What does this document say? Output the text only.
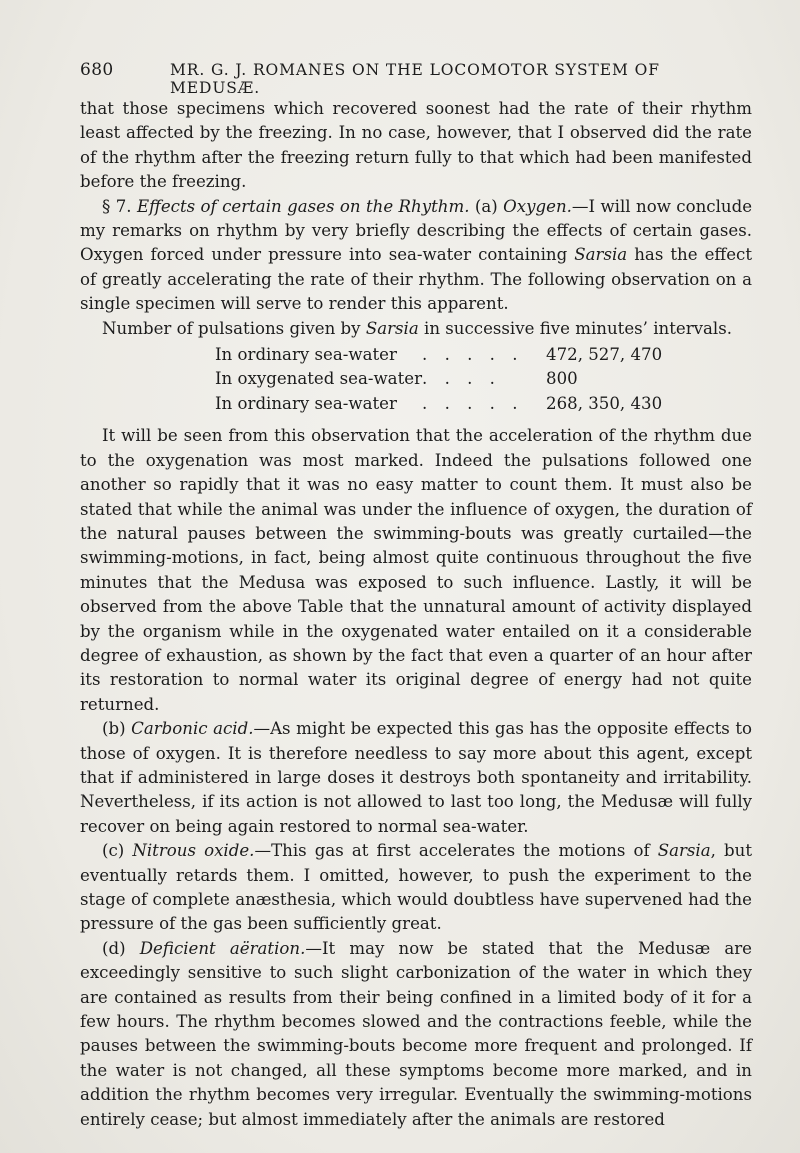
680	MR. G. J. ROMANES ON THE LOCOMOTOR SYSTEM OF MEDUSÆ.

that those specimens which recovered soonest had the rate of their rhythm least affected by the freezing. In no case, however, that I observed did the rate of the rhythm after the freezing return fully to that which had been manifested before the freezing.

§ 7. Effects of certain gases on the Rhythm. (a) Oxygen.—I will now conclude my remarks on rhythm by very briefly describing the effects of certain gases. Oxygen forced under pressure into sea-water containing Sarsia has the effect of greatly accelerating the rate of their rhythm. The following observation on a single specimen will serve to render this apparent.

Number of pulsations given by Sarsia in successive five minutes’ intervals.

In ordinary sea-water	. . . . .	472, 527, 470
In oxygenated sea-water	. . . .	800
In ordinary sea-water	. . . . .	268, 350, 430

It will be seen from this observation that the acceleration of the rhythm due to the oxygenation was most marked. Indeed the pulsations followed one another so rapidly that it was no easy matter to count them. It must also be stated that while the animal was under the influence of oxygen, the duration of the natural pauses between the swimming-bouts was greatly curtailed—the swimming-motions, in fact, being almost quite continuous throughout the five minutes that the Medusa was exposed to such influence. Lastly, it will be observed from the above Table that the unnatural amount of activity displayed by the organism while in the oxygenated water entailed on it a considerable degree of exhaustion, as shown by the fact that even a quarter of an hour after its restoration to normal water its original degree of energy had not quite returned.

(b) Carbonic acid.—As might be expected this gas has the opposite effects to those of oxygen. It is therefore needless to say more about this agent, except that if administered in large doses it destroys both spontaneity and irritability. Nevertheless, if its action is not allowed to last too long, the Medusæ will fully recover on being again restored to normal sea-water.

(c) Nitrous oxide.—This gas at first accelerates the motions of Sarsia, but eventually retards them. I omitted, however, to push the experiment to the stage of complete anæsthesia, which would doubtless have supervened had the pressure of the gas been sufficiently great.

(d) Deficient aëration.—It may now be stated that the Medusæ are exceedingly sensitive to such slight carbonization of the water in which they are contained as results from their being confined in a limited body of it for a few hours. The rhythm becomes slowed and the contractions feeble, while the pauses between the swimming-bouts become more frequent and prolonged. If the water is not changed, all these symptoms become more marked, and in addition the rhythm becomes very irregular. Eventually the swimming-motions entirely cease; but almost immediately after the animals are restored
